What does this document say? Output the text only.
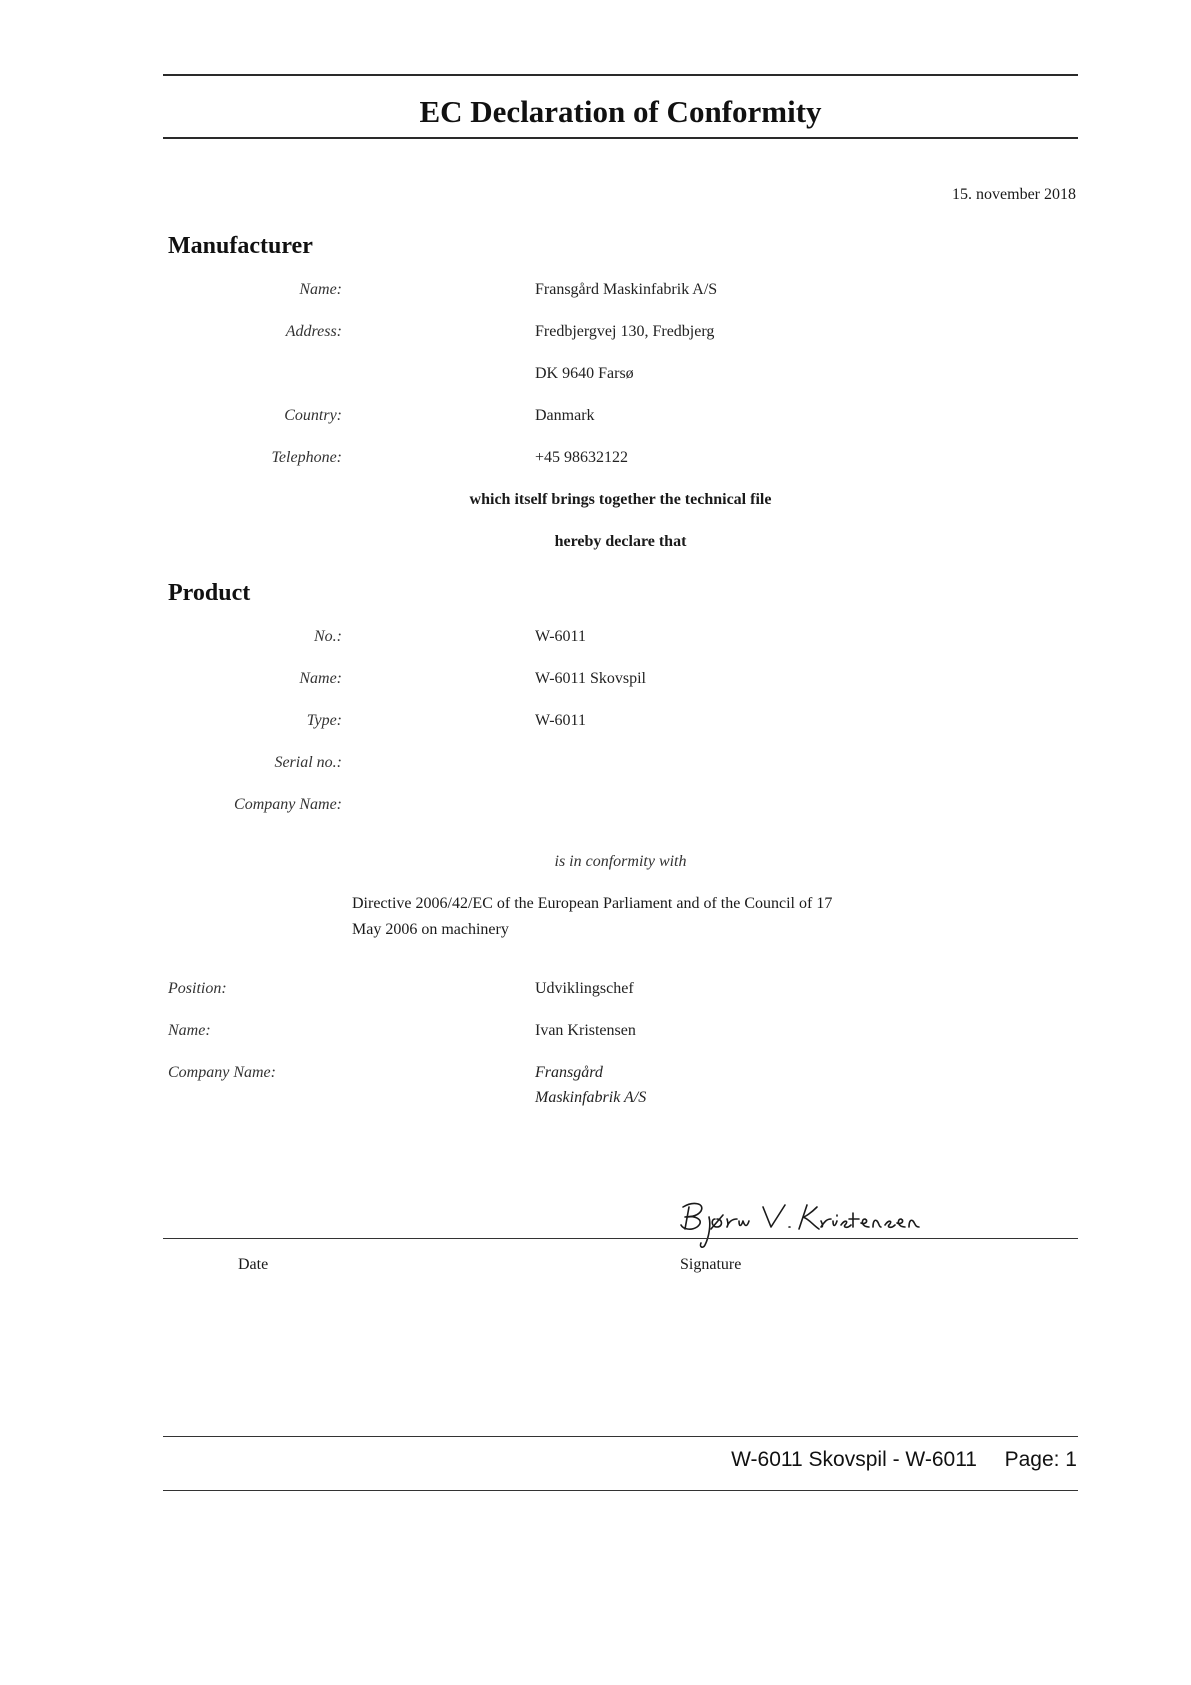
EC Declaration of Conformity
15. november 2018
Manufacturer
Name:	Fransgård Maskinfabrik A/S
Address:	Fredbjergvej 130, Fredbjerg
DK 9640 Farsø
Country:	Danmark
Telephone:	+45 98632122
which itself brings together the technical file
hereby declare that
Product
No.:	W-6011
Name:	W-6011 Skovspil
Type:	W-6011
Serial no.:
Company Name:
is in conformity with
Directive 2006/42/EC of the European Parliament and of the Council of 17
May 2006 on machinery
Position:	Udviklingschef
Name:	Ivan Kristensen
Company Name:	Fransgård
Maskinfabrik A/S
Date	Signature
W-6011 Skovspil - W-6011 Page: 1
